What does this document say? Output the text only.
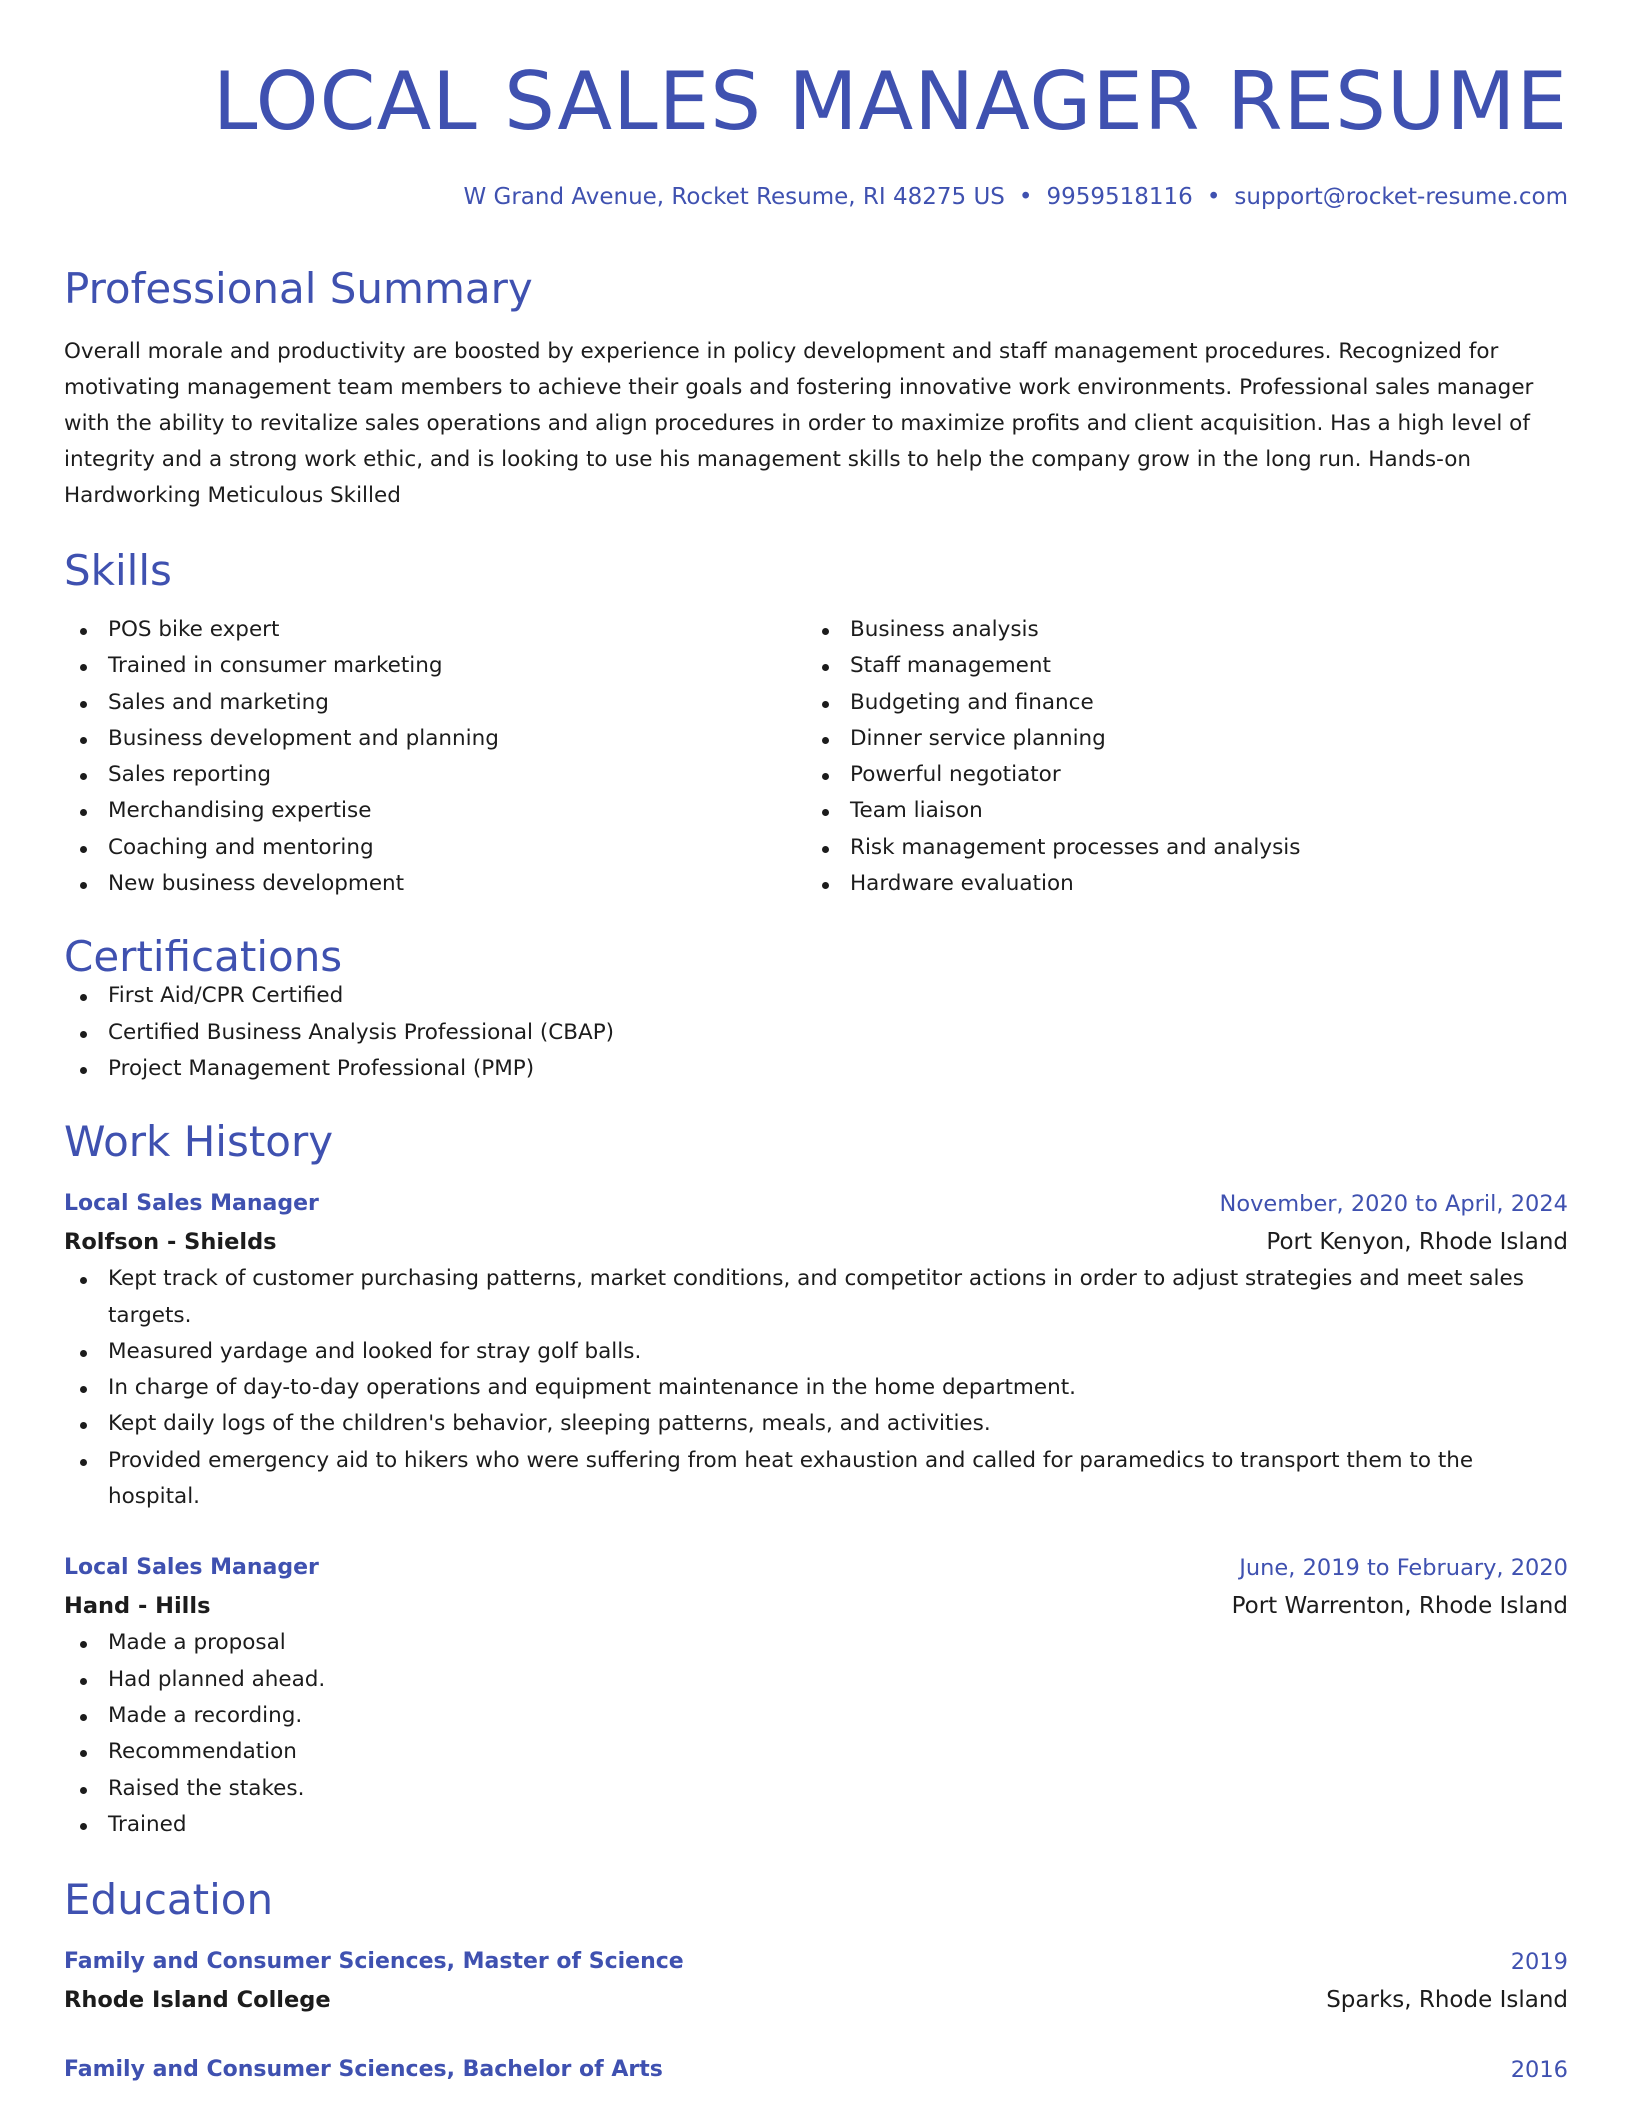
LOCAL SALES MANAGER RESUME
W Grand Avenue, Rocket Resume, RI 48275 US • 9959518116 • support@rocket-resume.com
Professional Summary
Overall morale and productivity are boosted by experience in policy development and staff management procedures. Recognized for motivating management team members to achieve their goals and fostering innovative work environments. Professional sales manager with the ability to revitalize sales operations and align procedures in order to maximize profits and client acquisition. Has a high level of integrity and a strong work ethic, and is looking to use his management skills to help the company grow in the long run. Hands-on Hardworking Meticulous Skilled
Skills
POS bike expert
Trained in consumer marketing
Sales and marketing
Business development and planning
Sales reporting
Merchandising expertise
Coaching and mentoring
New business development
Business analysis
Staff management
Budgeting and finance
Dinner service planning
Powerful negotiator
Team liaison
Risk management processes and analysis
Hardware evaluation
Certifications
First Aid/CPR Certified
Certified Business Analysis Professional (CBAP)
Project Management Professional (PMP)
Work History
Local Sales Manager	November, 2020 to April, 2024
Rolfson - Shields	Port Kenyon, Rhode Island
Kept track of customer purchasing patterns, market conditions, and competitor actions in order to adjust strategies and meet sales targets.
Measured yardage and looked for stray golf balls.
In charge of day-to-day operations and equipment maintenance in the home department.
Kept daily logs of the children's behavior, sleeping patterns, meals, and activities.
Provided emergency aid to hikers who were suffering from heat exhaustion and called for paramedics to transport them to the hospital.
Local Sales Manager	June, 2019 to February, 2020
Hand - Hills	Port Warrenton, Rhode Island
Made a proposal
Had planned ahead.
Made a recording.
Recommendation
Raised the stakes.
Trained
Education
Family and Consumer Sciences, Master of Science	2019
Rhode Island College	Sparks, Rhode Island
Family and Consumer Sciences, Bachelor of Arts	2016
